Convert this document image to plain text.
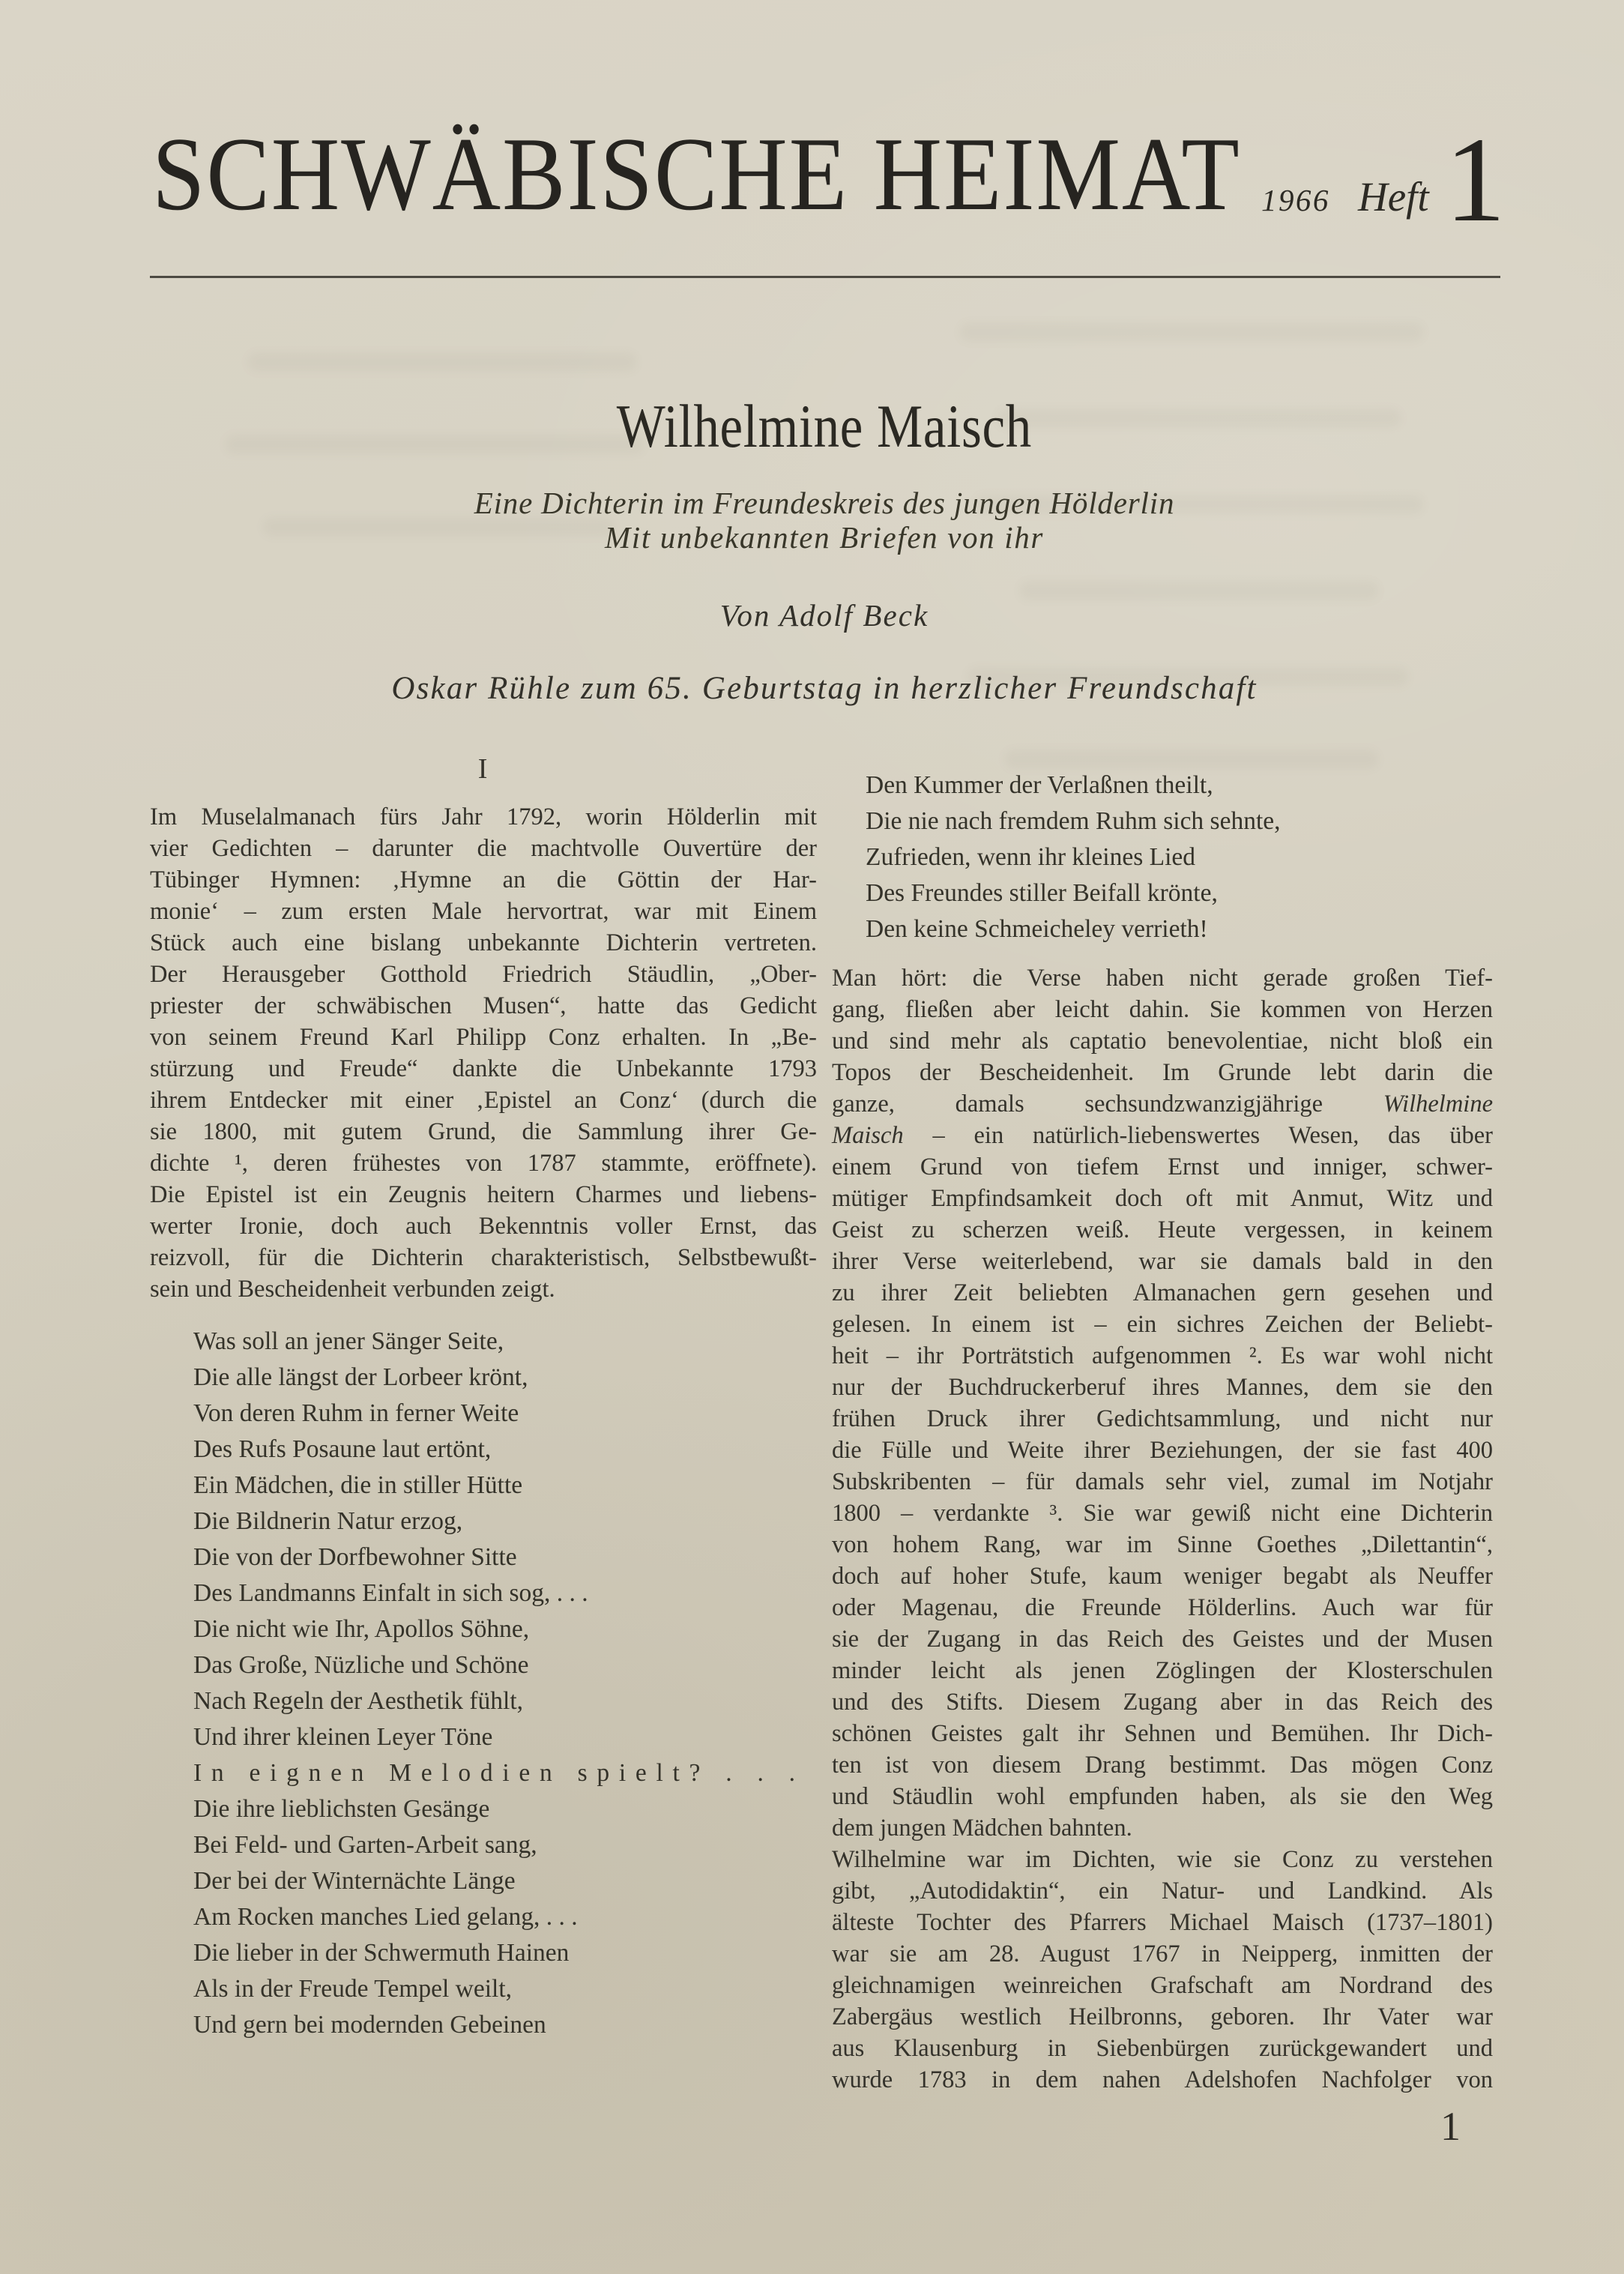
SCHWÄBISCHE HEIMAT 1966 Heft 1
Wilhelmine Maisch
Eine Dichterin im Freundeskreis des jungen Hölderlin
Mit unbekannten Briefen von ihr
Von Adolf Beck
Oskar Rühle zum 65. Geburtstag in herzlicher Freundschaft
I
Im Muselalmanach fürs Jahr 1792, worin Hölderlin mit
vier Gedichten – darunter die machtvolle Ouvertüre der
Tübinger Hymnen: ‚Hymne an die Göttin der Har-
monie‘ – zum ersten Male hervortrat, war mit Einem
Stück auch eine bislang unbekannte Dichterin vertreten.
Der Herausgeber Gotthold Friedrich Stäudlin, „Ober-
priester der schwäbischen Musen“, hatte das Gedicht
von seinem Freund Karl Philipp Conz erhalten. In „Be-
stürzung und Freude“ dankte die Unbekannte 1793
ihrem Entdecker mit einer ‚Epistel an Conz‘ (durch die
sie 1800, mit gutem Grund, die Sammlung ihrer Ge-
dichte ¹, deren frühestes von 1787 stammte, eröffnete).
Die Epistel ist ein Zeugnis heitern Charmes und liebens-
werter Ironie, doch auch Bekenntnis voller Ernst, das
reizvoll, für die Dichterin charakteristisch, Selbstbewußt-
sein und Bescheidenheit verbunden zeigt.
Was soll an jener Sänger Seite,
Die alle längst der Lorbeer krönt,
Von deren Ruhm in ferner Weite
Des Rufs Posaune laut ertönt,
Ein Mädchen, die in stiller Hütte
Die Bildnerin Natur erzog,
Die von der Dorfbewohner Sitte
Des Landmanns Einfalt in sich sog, . . .
Die nicht wie Ihr, Apollos Söhne,
Das Große, Nüzliche und Schöne
Nach Regeln der Aesthetik fühlt,
Und ihrer kleinen Leyer Töne
In eignen Melodien spielt? . . .
Die ihre lieblichsten Gesänge
Bei Feld- und Garten-Arbeit sang,
Der bei der Winternächte Länge
Am Rocken manches Lied gelang, . . .
Die lieber in der Schwermuth Hainen
Als in der Freude Tempel weilt,
Und gern bei modernden Gebeinen
Den Kummer der Verlaßnen theilt,
Die nie nach fremdem Ruhm sich sehnte,
Zufrieden, wenn ihr kleines Lied
Des Freundes stiller Beifall krönte,
Den keine Schmeicheley verrieth!
Man hört: die Verse haben nicht gerade großen Tief-
gang, fließen aber leicht dahin. Sie kommen von Herzen
und sind mehr als captatio benevolentiae, nicht bloß ein
Topos der Bescheidenheit. Im Grunde lebt darin die
ganze, damals sechsundzwanzigjährige Wilhelmine
Maisch – ein natürlich-liebenswertes Wesen, das über
einem Grund von tiefem Ernst und inniger, schwer-
mütiger Empfindsamkeit doch oft mit Anmut, Witz und
Geist zu scherzen weiß. Heute vergessen, in keinem
ihrer Verse weiterlebend, war sie damals bald in den
zu ihrer Zeit beliebten Almanachen gern gesehen und
gelesen. In einem ist – ein sichres Zeichen der Beliebt-
heit – ihr Porträtstich aufgenommen ². Es war wohl nicht
nur der Buchdruckerberuf ihres Mannes, dem sie den
frühen Druck ihrer Gedichtsammlung, und nicht nur
die Fülle und Weite ihrer Beziehungen, der sie fast 400
Subskribenten – für damals sehr viel, zumal im Notjahr
1800 – verdankte ³. Sie war gewiß nicht eine Dichterin
von hohem Rang, war im Sinne Goethes „Dilettantin“,
doch auf hoher Stufe, kaum weniger begabt als Neuffer
oder Magenau, die Freunde Hölderlins. Auch war für
sie der Zugang in das Reich des Geistes und der Musen
minder leicht als jenen Zöglingen der Klosterschulen
und des Stifts. Diesem Zugang aber in das Reich des
schönen Geistes galt ihr Sehnen und Bemühen. Ihr Dich-
ten ist von diesem Drang bestimmt. Das mögen Conz
und Stäudlin wohl empfunden haben, als sie den Weg
dem jungen Mädchen bahnten.
Wilhelmine war im Dichten, wie sie Conz zu verstehen
gibt, „Autodidaktin“, ein Natur- und Landkind. Als
älteste Tochter des Pfarrers Michael Maisch (1737–1801)
war sie am 28. August 1767 in Neipperg, inmitten der
gleichnamigen weinreichen Grafschaft am Nordrand des
Zabergäus westlich Heilbronns, geboren. Ihr Vater war
aus Klausenburg in Siebenbürgen zurückgewandert und
wurde 1783 in dem nahen Adelshofen Nachfolger von
1
